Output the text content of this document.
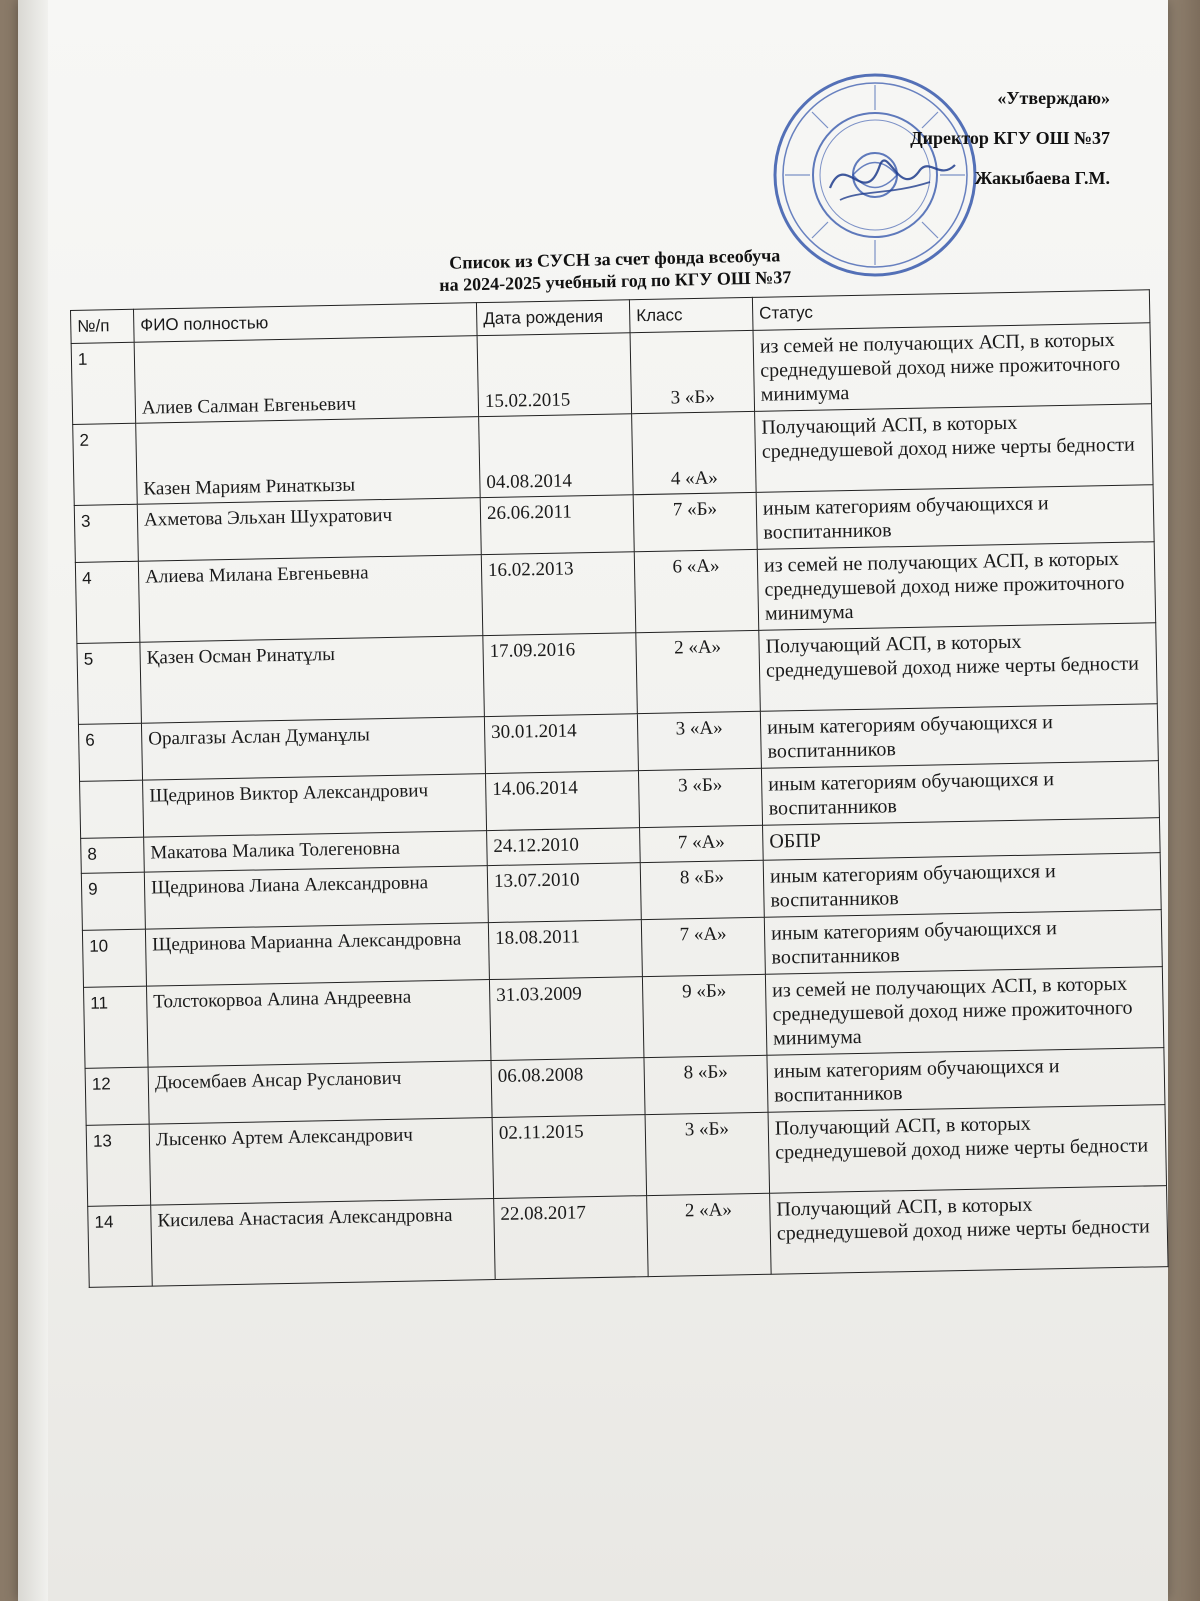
«Утверждаю»
Директор КГУ ОШ №37
Жакыбаева Г.М.
Список из СУСН за счет фонда всеобуча
на 2024-2025 учебный год по КГУ ОШ №37
№/п	ФИО полностью	Дата рождения	Класс	Статус
1	Алиев Салман Евгеньевич	15.02.2015	3 «Б»	из семей не получающих АСП, в которых среднедушевой доход ниже прожиточного минимума
2	Казен Мариям Ринаткызы	04.08.2014	4 «А»	Получающий АСП, в которых среднедушевой доход ниже черты бедности
3	Ахметова Эльхан Шухратович	26.06.2011	7 «Б»	иным категориям обучающихся и воспитанников
4	Алиева Милана Евгеньевна	16.02.2013	6 «А»	из семей не получающих АСП, в которых среднедушевой доход ниже прожиточного минимума
5	Қазен Осман Ринатұлы	17.09.2016	2 «А»	Получающий АСП, в которых среднедушевой доход ниже черты бедности
6	Оралгазы Аслан Думанұлы	30.01.2014	3 «А»	иным категориям обучающихся и воспитанников
	Щедринов Виктор Александрович	14.06.2014	3 «Б»	иным категориям обучающихся и воспитанников
8	Макатова Малика Толегеновна	24.12.2010	7 «А»	ОБПР
9	Щедринова Лиана Александровна	13.07.2010	8 «Б»	иным категориям обучающихся и воспитанников
10	Щедринова Марианна Александровна	18.08.2011	7 «А»	иным категориям обучающихся и воспитанников
11	Толстокорвоа Алина Андреевна	31.03.2009	9 «Б»	из семей не получающих АСП, в которых среднедушевой доход ниже прожиточного минимума
12	Дюсембаев Ансар Русланович	06.08.2008	8 «Б»	иным категориям обучающихся и воспитанников
13	Лысенко Артем Александрович	02.11.2015	3 «Б»	Получающий АСП, в которых среднедушевой доход ниже черты бедности
14	Кисилева Анастасия Александровна	22.08.2017	2 «А»	Получающий АСП, в которых среднедушевой доход ниже черты бедности
